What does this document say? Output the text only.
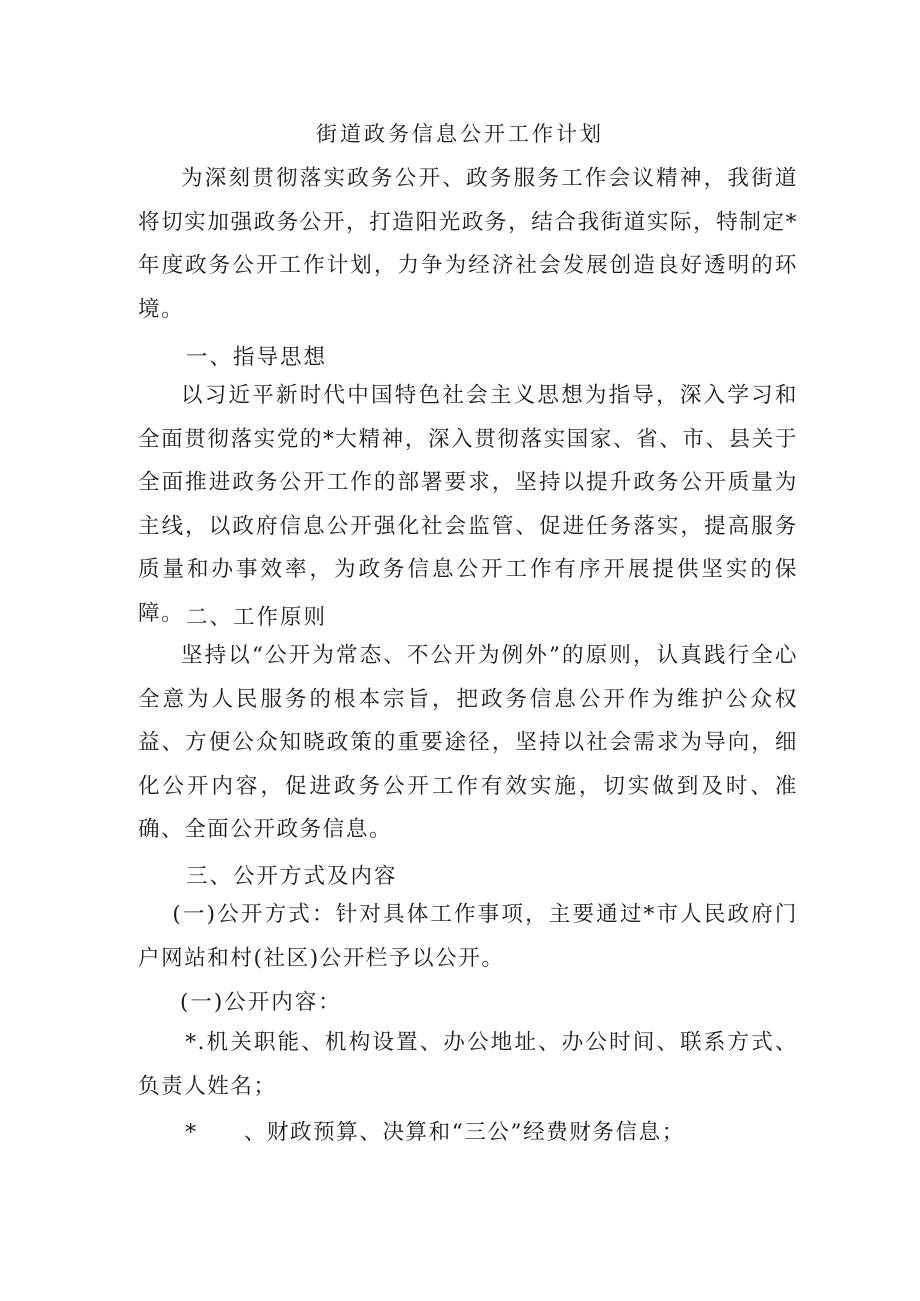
街道政务信息公开工作计划
为深刻贯彻落实政务公开、政务服务工作会议精神，我街道将切实加强政务公开，打造阳光政务，结合我街道实际，特制定*年度政务公开工作计划，力争为经济社会发展创造良好透明的环境。
一、指导思想
以习近平新时代中国特色社会主义思想为指导，深入学习和全面贯彻落实党的*大精神，深入贯彻落实国家、省、市、县关于全面推进政务公开工作的部署要求，坚持以提升政务公开质量为主线，以政府信息公开强化社会监管、促进任务落实，提高服务质量和办事效率，为政务信息公开工作有序开展提供坚实的保障。 二、工作原则
坚持以“公开为常态、不公开为例外”的原则，认真践行全心全意为人民服务的根本宗旨，把政务信息公开作为维护公众权益、方便公众知晓政策的重要途径，坚持以社会需求为导向，细化公开内容，促进政务公开工作有效实施，切实做到及时、准确、全面公开政务信息。
三、公开方式及内容
(一)公开方式：针对具体工作事项，主要通过*市人民政府门户网站和村(社区)公开栏予以公开。
(一)公开内容：
*.机关职能、机构设置、办公地址、办公时间、联系方式、负责人姓名；
*　　、财政预算、决算和“三公”经费财务信息；
